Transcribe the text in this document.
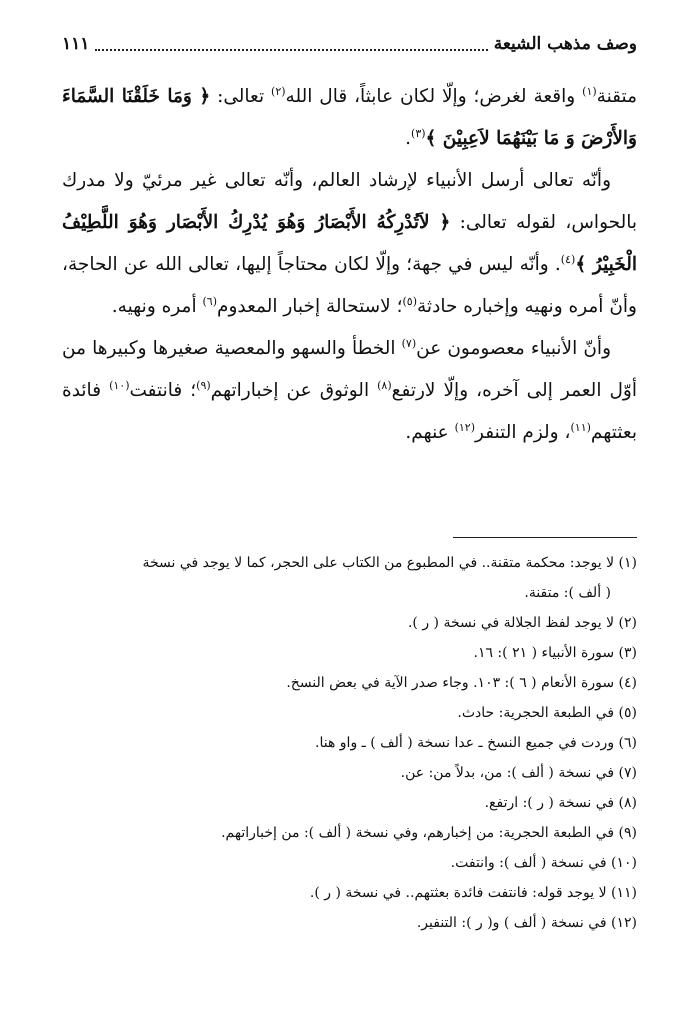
وصف مذهب الشيعة
١١١

متقنة$^{(١)}$ واقعة لغرض؛ وإلّا لكان عابثاً، قال الله$^{(٢)}$ تعالى: ﴿ وَمَا خَلَقْنَا السَّمَاءَ وَالأَرْضَ وَ مَا بَيْنَهُمَا لاَعِبِيْنَ ﴾$^{(٣)}$.

وأنّه تعالى أرسل الأنبياء لإرشاد العالم، وأنّه تعالى غير مرئيّ ولا مدرك بالحواس، لقوله تعالى: ﴿ لاَتُدْرِكُهُ الأَبْصَارُ وَهُوَ يُدْرِكُ الأَبْصَار وَهُوَ اللَّطِيْفُ الْخَبِيْرُ ﴾$^{(٤)}$. وأنّه ليس في جهة؛ وإلّا لكان محتاجاً إليها، تعالى الله عن الحاجة، وأنّ أمره ونهيه وإخباره حادثة$^{(٥)}$؛ لاستحالة إخبار المعدوم$^{(٦)}$ أمره ونهيه.

وأنّ الأنبياء معصومون عن$^{(٧)}$ الخطأ والسهو والمعصية صغيرها وكبيرها من أوّل العمر إلى آخره، وإلّا لارتفع$^{(٨)}$ الوثوق عن إخباراتهم$^{(٩)}$؛ فانتفت$^{(١٠)}$ فائدة بعثتهم$^{(١١)}$، ولزم التنفر$^{(١٢)}$ عنهم.

(١) لا يوجد: محكمة متقنة.. في المطبوع من الكتاب على الحجر، كما لا يوجد في نسخة
( ألف ): متقنة.

(٢) لا يوجد لفظ الجلالة في نسخة ( ر ).

(٣) سورة الأنبياء ( ٢١ ): ١٦.

(٤) سورة الأنعام ( ٦ ): ١٠٣. وجاء صدر الآية في بعض النسخ.

(٥) في الطبعة الحجرية: حادث.

(٦) وردت في جميع النسخ ـ عدا نسخة ( ألف ) ـ واو هنا.

(٧) في نسخة ( ألف ): من، بدلاً من: عن.

(٨) في نسخة ( ر ): ارتفع.

(٩) في الطبعة الحجرية: من إخبارهم، وفي نسخة ( ألف ): من إخباراتهم.

(١٠) في نسخة ( ألف ): وانتفت.

(١١) لا يوجد قوله: فانتفت فائدة بعثتهم.. في نسخة ( ر ).

(١٢) في نسخة ( ألف ) و( ر ): التنفير.
